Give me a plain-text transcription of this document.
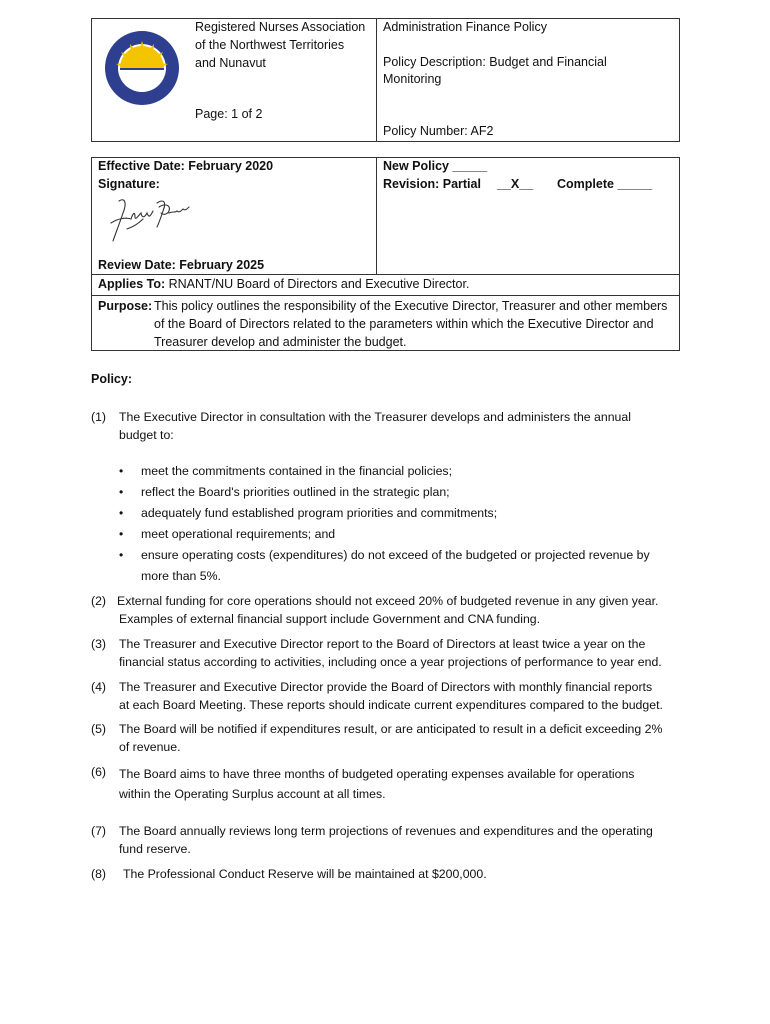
Registered Nurses Association
of the Northwest Territories
and Nunavut
Page: 1 of 2
Administration Finance Policy
Policy Description: Budget and Financial
Monitoring
Policy Number: AF2
Effective Date: February 2020
Signature:
New Policy _____
Revision: Partial __X__ Complete _____
Review Date: February 2025
Applies To: RNANT/NU Board of Directors and Executive Director.
Purpose: This policy outlines the responsibility of the Executive Director, Treasurer and other members
of the Board of Directors related to the parameters within which the Executive Director and
Treasurer develop and administer the budget.
Policy:
(1) The Executive Director in consultation with the Treasurer develops and administers the annual
budget to:
• meet the commitments contained in the financial policies;
• reflect the Board's priorities outlined in the strategic plan;
• adequately fund established program priorities and commitments;
• meet operational requirements; and
• ensure operating costs (expenditures) do not exceed of the budgeted or projected revenue by
more than 5%.
(2) External funding for core operations should not exceed 20% of budgeted revenue in any given year.
Examples of external financial support include Government and CNA funding.
(3) The Treasurer and Executive Director report to the Board of Directors at least twice a year on the
financial status according to activities, including once a year projections of performance to year end.
(4) The Treasurer and Executive Director provide the Board of Directors with monthly financial reports
at each Board Meeting. These reports should indicate current expenditures compared to the budget.
(5) The Board will be notified if expenditures result, or are anticipated to result in a deficit exceeding 2%
of revenue.
(6) The Board aims to have three months of budgeted operating expenses available for operations
within the Operating Surplus account at all times.
(7) The Board annually reviews long term projections of revenues and expenditures and the operating
fund reserve.
(8) The Professional Conduct Reserve will be maintained at $200,000.
